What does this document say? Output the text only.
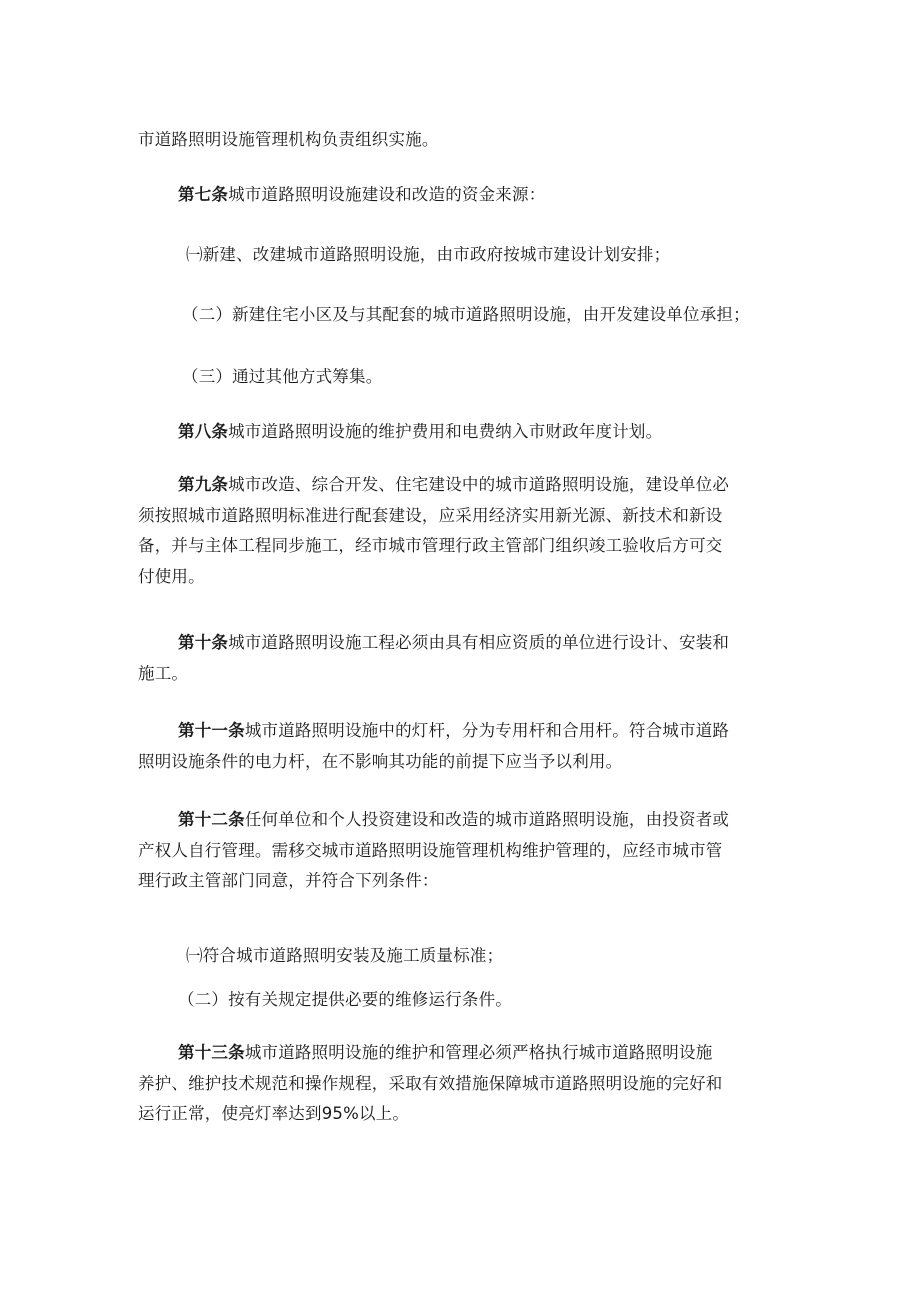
市道路照明设施管理机构负责组织实施。
第七条城市道路照明设施建设和改造的资金来源：
㈠新建、改建城市道路照明设施，由市政府按城市建设计划安排；
（二）新建住宅小区及与其配套的城市道路照明设施，由开发建设单位承担；
（三）通过其他方式筹集。
第八条城市道路照明设施的维护费用和电费纳入市财政年度计划。
第九条城市改造、综合开发、住宅建设中的城市道路照明设施，建设单位必
须按照城市道路照明标准进行配套建设，应采用经济实用新光源、新技术和新设
备，并与主体工程同步施工，经市城市管理行政主管部门组织竣工验收后方可交
付使用。
第十条城市道路照明设施工程必须由具有相应资质的单位进行设计、安装和
施工。
第十一条城市道路照明设施中的灯杆，分为专用杆和合用杆。符合城市道路
照明设施条件的电力杆，在不影响其功能的前提下应当予以利用。
第十二条任何单位和个人投资建设和改造的城市道路照明设施，由投资者或
产权人自行管理。需移交城市道路照明设施管理机构维护管理的，应经市城市管
理行政主管部门同意，并符合下列条件：
㈠符合城市道路照明安装及施工质量标准；
（二）按有关规定提供必要的维修运行条件。
第十三条城市道路照明设施的维护和管理必须严格执行城市道路照明设施
养护、维护技术规范和操作规程，采取有效措施保障城市道路照明设施的完好和
运行正常，使亮灯率达到95%以上。
